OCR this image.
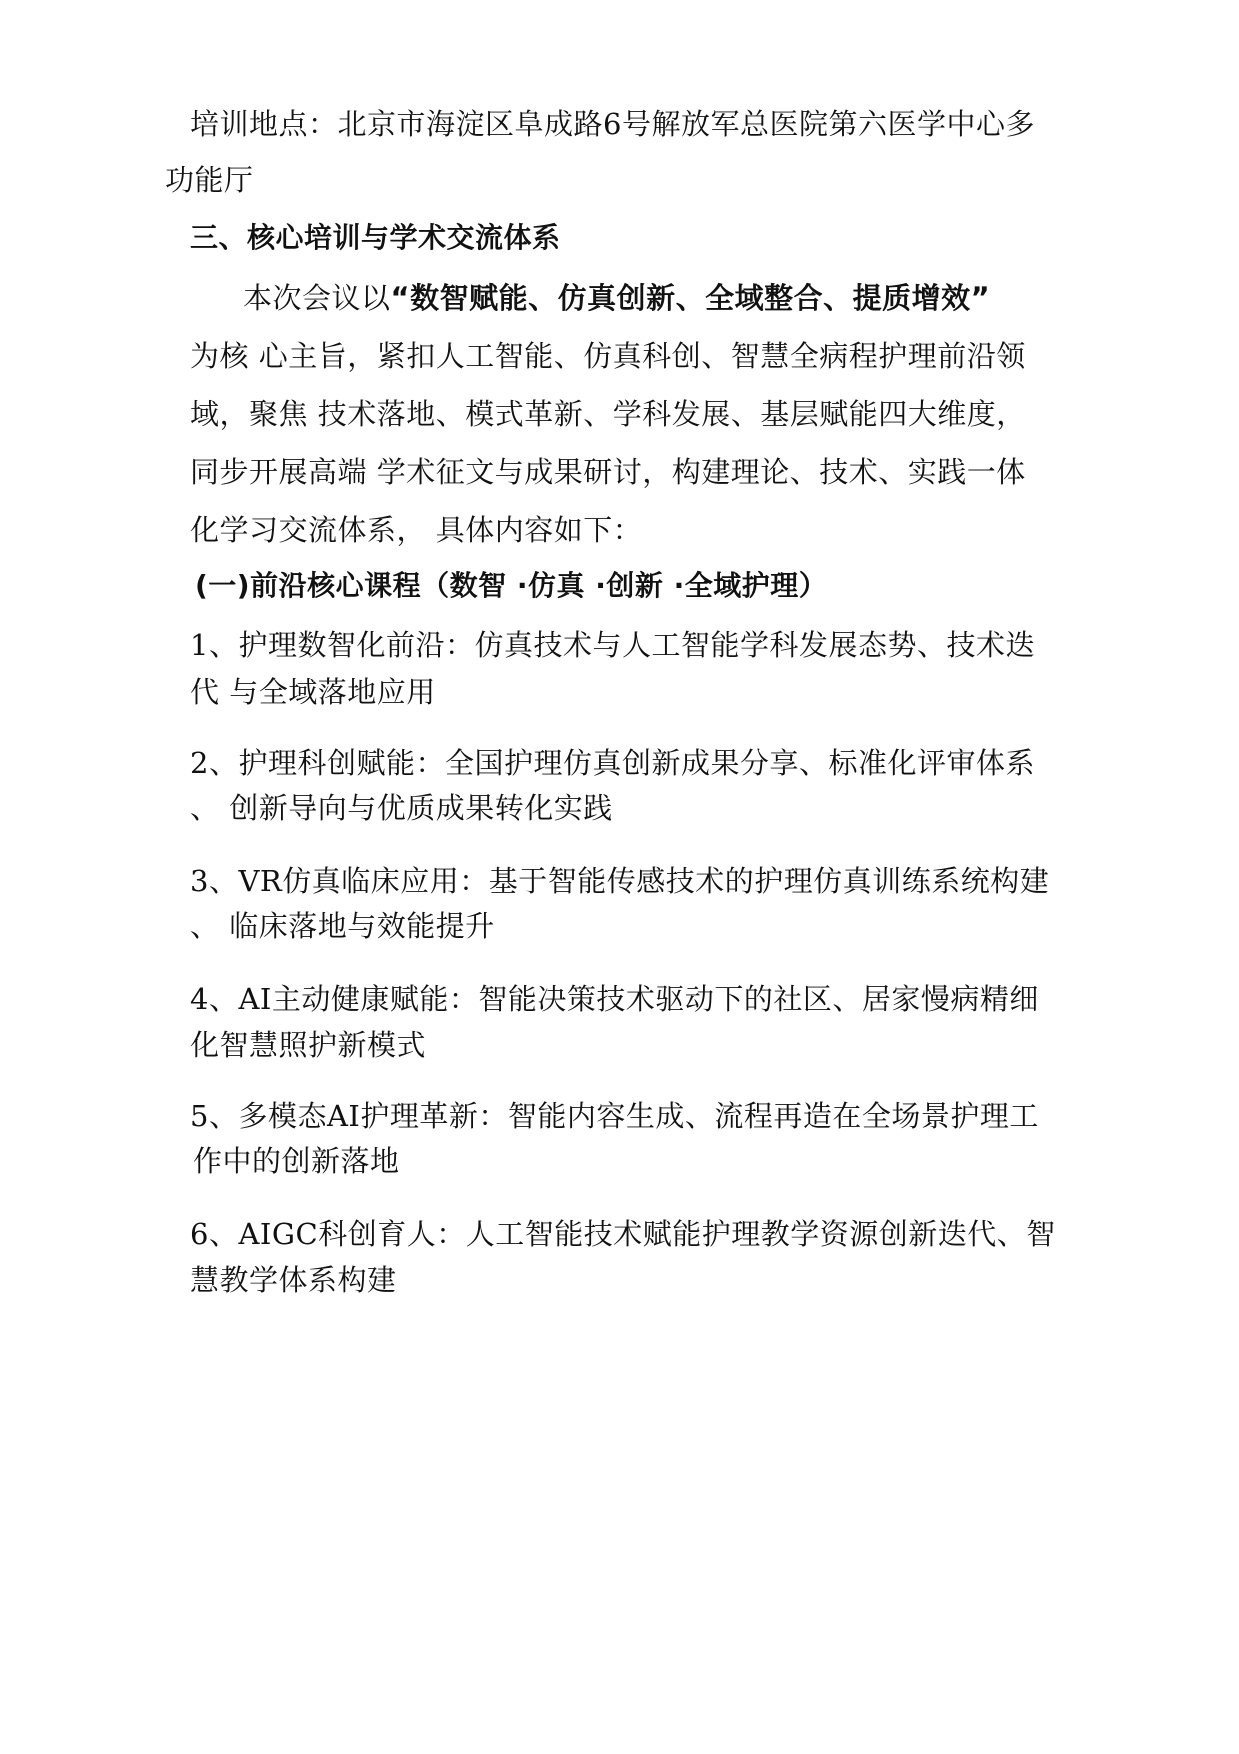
培训地点：北京市海淀区阜成路6号解放军总医院第六医学中心多
功能厅
三、核心培训与学术交流体系
本次会议以“数智赋能、仿真创新、全域整合、提质增效”
为核 心主旨，紧扣人工智能、仿真科创、智慧全病程护理前沿领
域，聚焦 技术落地、模式革新、学科发展、基层赋能四大维度，
同步开展高端 学术征文与成果研讨，构建理论、技术、实践一体
化学习交流体系， 具体内容如下：
(一)前沿核心课程（数智 ·仿真 ·创新 ·全域护理）
1、护理数智化前沿：仿真技术与人工智能学科发展态势、技术迭
代 与全域落地应用
2、护理科创赋能：全国护理仿真创新成果分享、标准化评审体系
、 创新导向与优质成果转化实践
3、VR仿真临床应用：基于智能传感技术的护理仿真训练系统构建
、 临床落地与效能提升
4、AI主动健康赋能：智能决策技术驱动下的社区、居家慢病精细
化智慧照护新模式
5、多模态AI护理革新：智能内容生成、流程再造在全场景护理工
作中的创新落地
6、AIGC科创育人：人工智能技术赋能护理教学资源创新迭代、智
慧教学体系构建
